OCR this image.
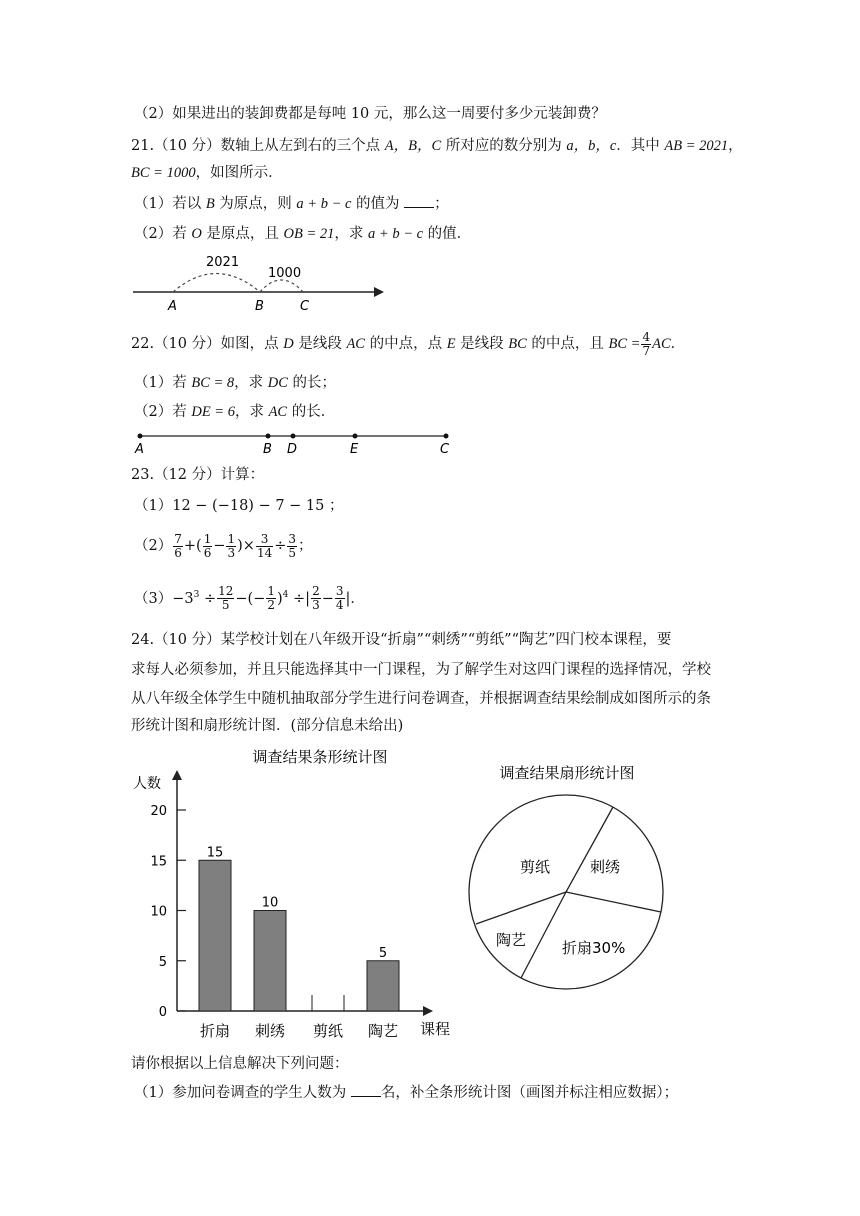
（2）如果进出的装卸费都是每吨 10 元，那么这一周要付多少元装卸费？
21.（10 分）数轴上从左到右的三个点 A，B，C 所对应的数分别为 a，b，c．其中 AB = 2021，
BC = 1000，如图所示．
（1）若以 B 为原点，则 a + b − c 的值为 ；
（2）若 O 是原点，且 OB = 21，求 a + b − c 的值．
2021
1000
A	B	C
22.（10 分）如图，点 D 是线段 AC 的中点，点 E 是线段 BC 的中点，且 BC = $\frac{4}{7}$ AC．
（1）若 BC = 8，求 DC 的长；
（2）若 DE = 6，求 AC 的长．
A	B D	E	C
23.（12 分）计算：
（1）12 − (−18) − 7 − 15 ；
$(2) \frac{7}{6}$ +( $\frac{1}{6} - \frac{1}{3}$ )× $\frac{3}{14} \div \frac{3}{5}$ ；
$(3)-3^3 \div \frac{12}{5}$ −(− $\frac{1}{2} )^4$ ÷| $\frac{2}{3} - \frac{3}{4}$ |．
24.（10 分）某学校计划在八年级开设“折扇”“刺绣”“剪纸”“陶艺”四门校本课程，要
求每人必须参加，并且只能选择其中一门课程，为了解学生对这四门课程的选择情况，学校
从八年级全体学生中随机抽取部分学生进行问卷调查，并根据调查结果绘制成如图所示的条
形统计图和扇形统计图．(部分信息未给出)
调查结果条形统计图
人数
课程
0
5
10
15
20
15
折扇
10
刺绣 剪纸
5
陶艺
调查结果扇形统计图
剪纸	刺绣
折扇30%
陶艺
请你根据以上信息解决下列问题：
（1）参加问卷调查的学生人数为 名，补全条形统计图（画图并标注相应数据）；
